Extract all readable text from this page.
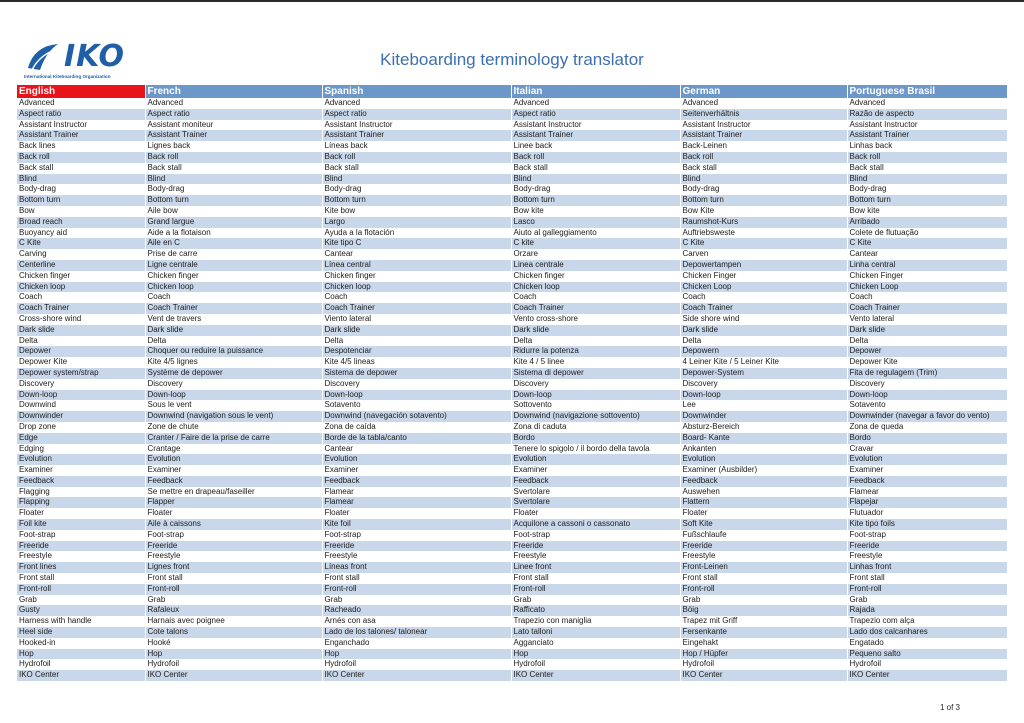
IKO
International Kiteboarding Organization
Kiteboarding terminology translator
English	French	Spanish	Italian	German	Portuguese Brasil
Advanced	Advanced	Advanced	Advanced	Advanced	Advanced
Aspect ratio	Aspect ratio	Aspect ratio	Aspect ratio	Seitenverhältnis	Razão de aspecto
Assistant Instructor	Assistant moniteur	Assistant Instructor	Assistant Instructor	Assistant Instructor	Assistant Instructor
Assistant Trainer	Assistant Trainer	Assistant Trainer	Assistant Trainer	Assistant Trainer	Assistant Trainer
Back lines	Lignes back	Líneas back	Linee back	Back-Leinen	Linhas back
Back roll	Back roll	Back roll	Back roll	Back roll	Back roll
Back stall	Back stall	Back stall	Back stall	Back stall	Back stall
Blind	Blind	Blind	Blind	Blind	Blind
Body-drag	Body-drag	Body-drag	Body-drag	Body-drag	Body-drag
Bottom turn	Bottom turn	Bottom turn	Bottom turn	Bottom turn	Bottom turn
Bow	Aile bow	Kite bow	Bow kite	Bow Kite	Bow kite
Broad reach	Grand largue	Largo	Lasco	Raumshot-Kurs	Arribado
Buoyancy aid	Aide a la flotaison	Ayuda a la flotación	Aiuto al galleggiamento	Auftriebsweste	Colete de flutuação
C Kite	Aile en C	Kite tipo C	C kite	C Kite	C Kite
Carving	Prise de carre	Cantear	Orzare	Carven	Cantear
Centerline	Ligne centrale	Línea central	Linea centrale	Depowertampen	Linha central
Chicken finger	Chicken finger	Chicken finger	Chicken finger	Chicken Finger	Chicken Finger
Chicken loop	Chicken loop	Chicken loop	Chicken loop	Chicken Loop	Chicken Loop
Coach	Coach	Coach	Coach	Coach	Coach
Coach Trainer	Coach Trainer	Coach Trainer	Coach Trainer	Coach Trainer	Coach Trainer
Cross-shore wind	Vent de travers	Viento lateral	Vento cross-shore	Side shore wind	Vento lateral
Dark slide	Dark slide	Dark slide	Dark slide	Dark slide	Dark slide
Delta	Delta	Delta	Delta	Delta	Delta
Depower	Choquer ou reduire la puissance	Despotenciar	Ridurre la potenza	Depowern	Depower
Depower Kite	Kite 4/5 lignes	Kite 4/5 lineas	Kite 4 / 5 linee	4 Leiner Kite / 5 Leiner Kite	Depower Kite
Depower system/strap	Système de depower	Sistema de depower	Sistema di depower	Depower-System	Fita de regulagem (Trim)
Discovery	Discovery	Discovery	Discovery	Discovery	Discovery
Down-loop	Down-loop	Down-loop	Down-loop	Down-loop	Down-loop
Downwind	Sous le vent	Sotavento	Sottovento	Lee	Sotavento
Downwinder	Downwind (navigation sous le vent)	Downwind (navegación sotavento)	Downwind (navigazione sottovento)	Downwinder	Downwinder (navegar a favor do vento)
Drop zone	Zone de chute	Zona de caída	Zona di caduta	Absturz-Bereich	Zona de queda
Edge	Cranter / Faire de la prise de carre	Borde de la tabla/canto	Bordo	Board- Kante	Bordo
Edging	Crantage	Cantear	Tenere lo spigolo / il bordo della tavola	Ankanten	Cravar
Evolution	Evolution	Evolution	Evolution	Evolution	Evolution
Examiner	Examiner	Examiner	Examiner	Examiner (Ausbilder)	Examiner
Feedback	Feedback	Feedback	Feedback	Feedback	Feedback
Flagging	Se mettre en drapeau/faseiller	Flamear	Svertolare	Auswehen	Flamear
Flapping	Flapper	Flamear	Svertolare	Flattern	Flapejar
Floater	Floater	Floater	Floater	Floater	Flutuador
Foil kite	Aile à caissons	Kite foil	Acquilone a cassoni o cassonato	Soft Kite	Kite tipo foils
Foot-strap	Foot-strap	Foot-strap	Foot-strap	Fußschlaufe	Foot-strap
Freeride	Freeride	Freeride	Freeride	Freeride	Freeride
Freestyle	Freestyle	Freestyle	Freestyle	Freestyle	Freestyle
Front lines	Lignes front	Líneas front	Linee front	Front-Leinen	Linhas front
Front stall	Front stall	Front stall	Front stall	Front stall	Front stall
Front-roll	Front-roll	Front-roll	Front-roll	Front-roll	Front-roll
Grab	Grab	Grab	Grab	Grab	Grab
Gusty	Rafaleux	Racheado	Rafficato	Böig	Rajada
Harness with handle	Harnais avec poignee	Arnés con asa	Trapezio con maniglia	Trapez mit Griff	Trapezio com alça
Heel side	Cote talons	Lado de los talones/ talonear	Lato talloni	Fersenkante	Lado dos calcanhares
Hooked-in	Hooké	Enganchado	Agganciato	Eingehakt	Engatado
Hop	Hop	Hop	Hop	Hop / Hüpfer	Pequeno salto
Hydrofoil	Hydrofoil	Hydrofoil	Hydrofoil	Hydrofoil	Hydrofoil
IKO Center	IKO Center	IKO Center	IKO Center	IKO Center	IKO Center
1 of 3
